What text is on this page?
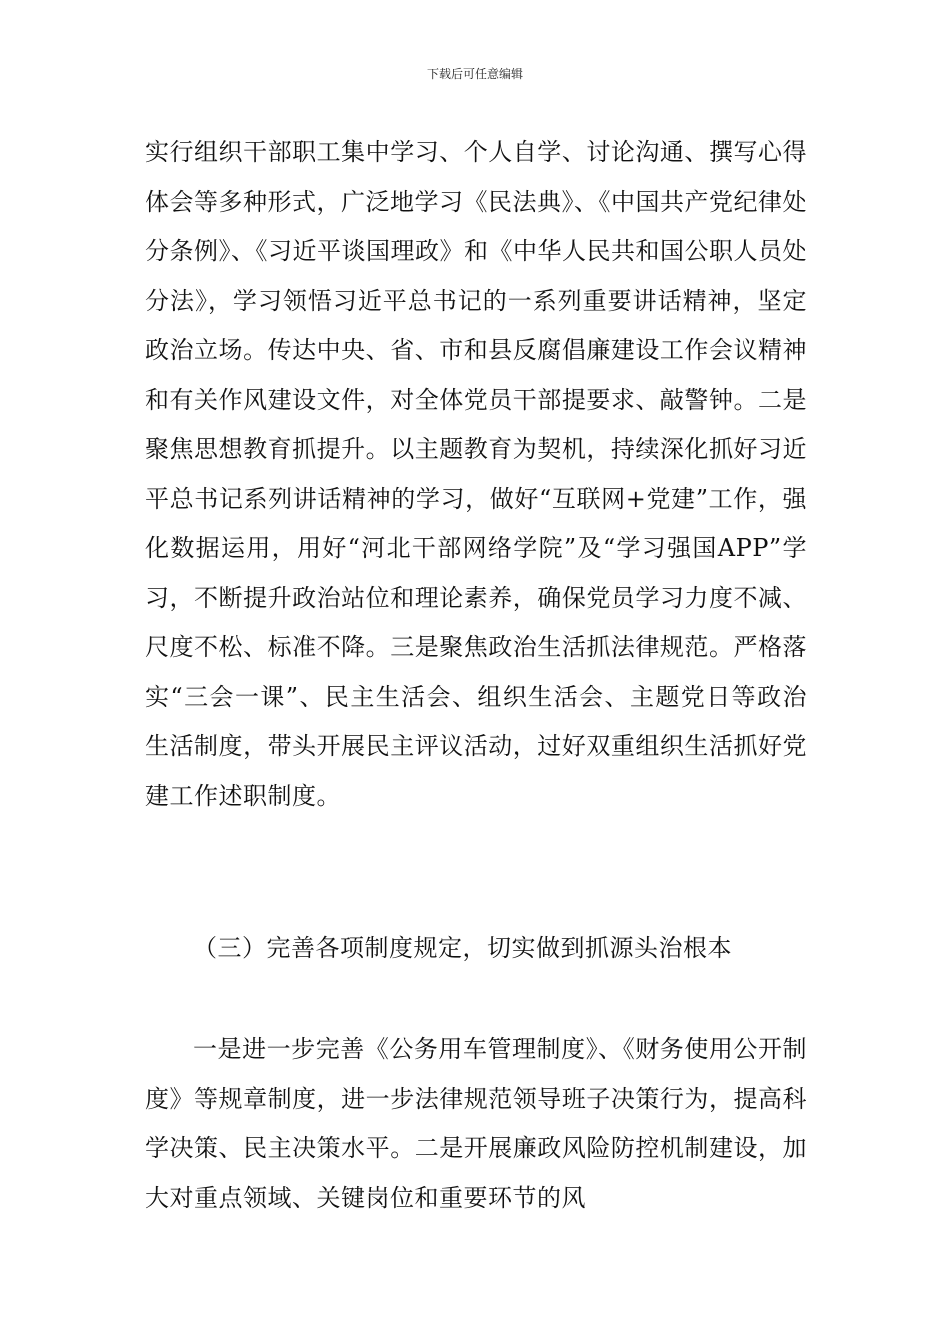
下载后可任意编辑

实行组织干部职工集中学习、个人自学、讨论沟通、撰写心得体会等多种形式，广泛地学习《民法典》、《中国共产党纪律处分条例》、《习近平谈国理政》和《中华人民共和国公职人员处分法》，学习领悟习近平总书记的一系列重要讲话精神，坚定政治立场。传达中央、省、市和县反腐倡廉建设工作会议精神和有关作风建设文件，对全体党员干部提要求、敲警钟。二是聚焦思想教育抓提升。以主题教育为契机，持续深化抓好习近平总书记系列讲话精神的学习，做好“互联网+党建”工作，强化数据运用，用好“河北干部网络学院”及“学习强国APP”学习，不断提升政治站位和理论素养，确保党员学习力度不减、尺度不松、标准不降。三是聚焦政治生活抓法律规范。严格落实“三会一课”、民主生活会、组织生活会、主题党日等政治生活制度，带头开展民主评议活动，过好双重组织生活抓好党建工作述职制度。

（三）完善各项制度规定，切实做到抓源头治根本

一是进一步完善《公务用车管理制度》、《财务使用公开制度》等规章制度，进一步法律规范领导班子决策行为，提高科学决策、民主决策水平。二是开展廉政风险防控机制建设，加大对重点领域、关键岗位和重要环节的风
